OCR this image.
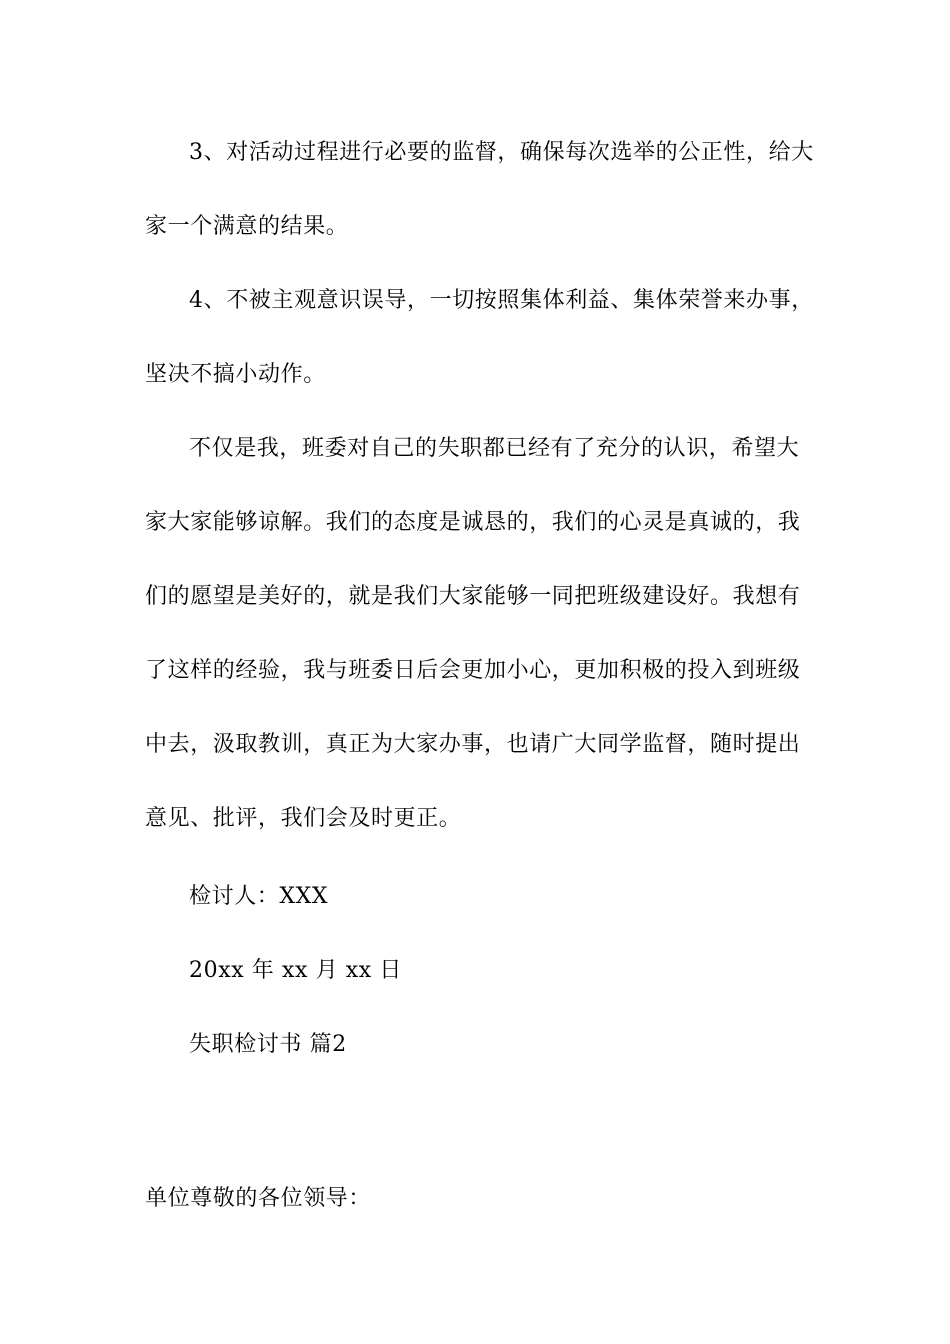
3、对活动过程进行必要的监督，确保每次选举的公正性，给大
家一个满意的结果。
4、不被主观意识误导，一切按照集体利益、集体荣誉来办事，
坚决不搞小动作。
不仅是我，班委对自己的失职都已经有了充分的认识，希望大
家大家能够谅解。我们的态度是诚恳的，我们的心灵是真诚的，我
们的愿望是美好的，就是我们大家能够一同把班级建设好。我想有
了这样的经验，我与班委日后会更加小心，更加积极的投入到班级
中去，汲取教训，真正为大家办事，也请广大同学监督，随时提出
意见、批评，我们会及时更正。
检讨人：XXX
20xx 年 xx 月 xx 日
失职检讨书 篇2
单位尊敬的各位领导：
